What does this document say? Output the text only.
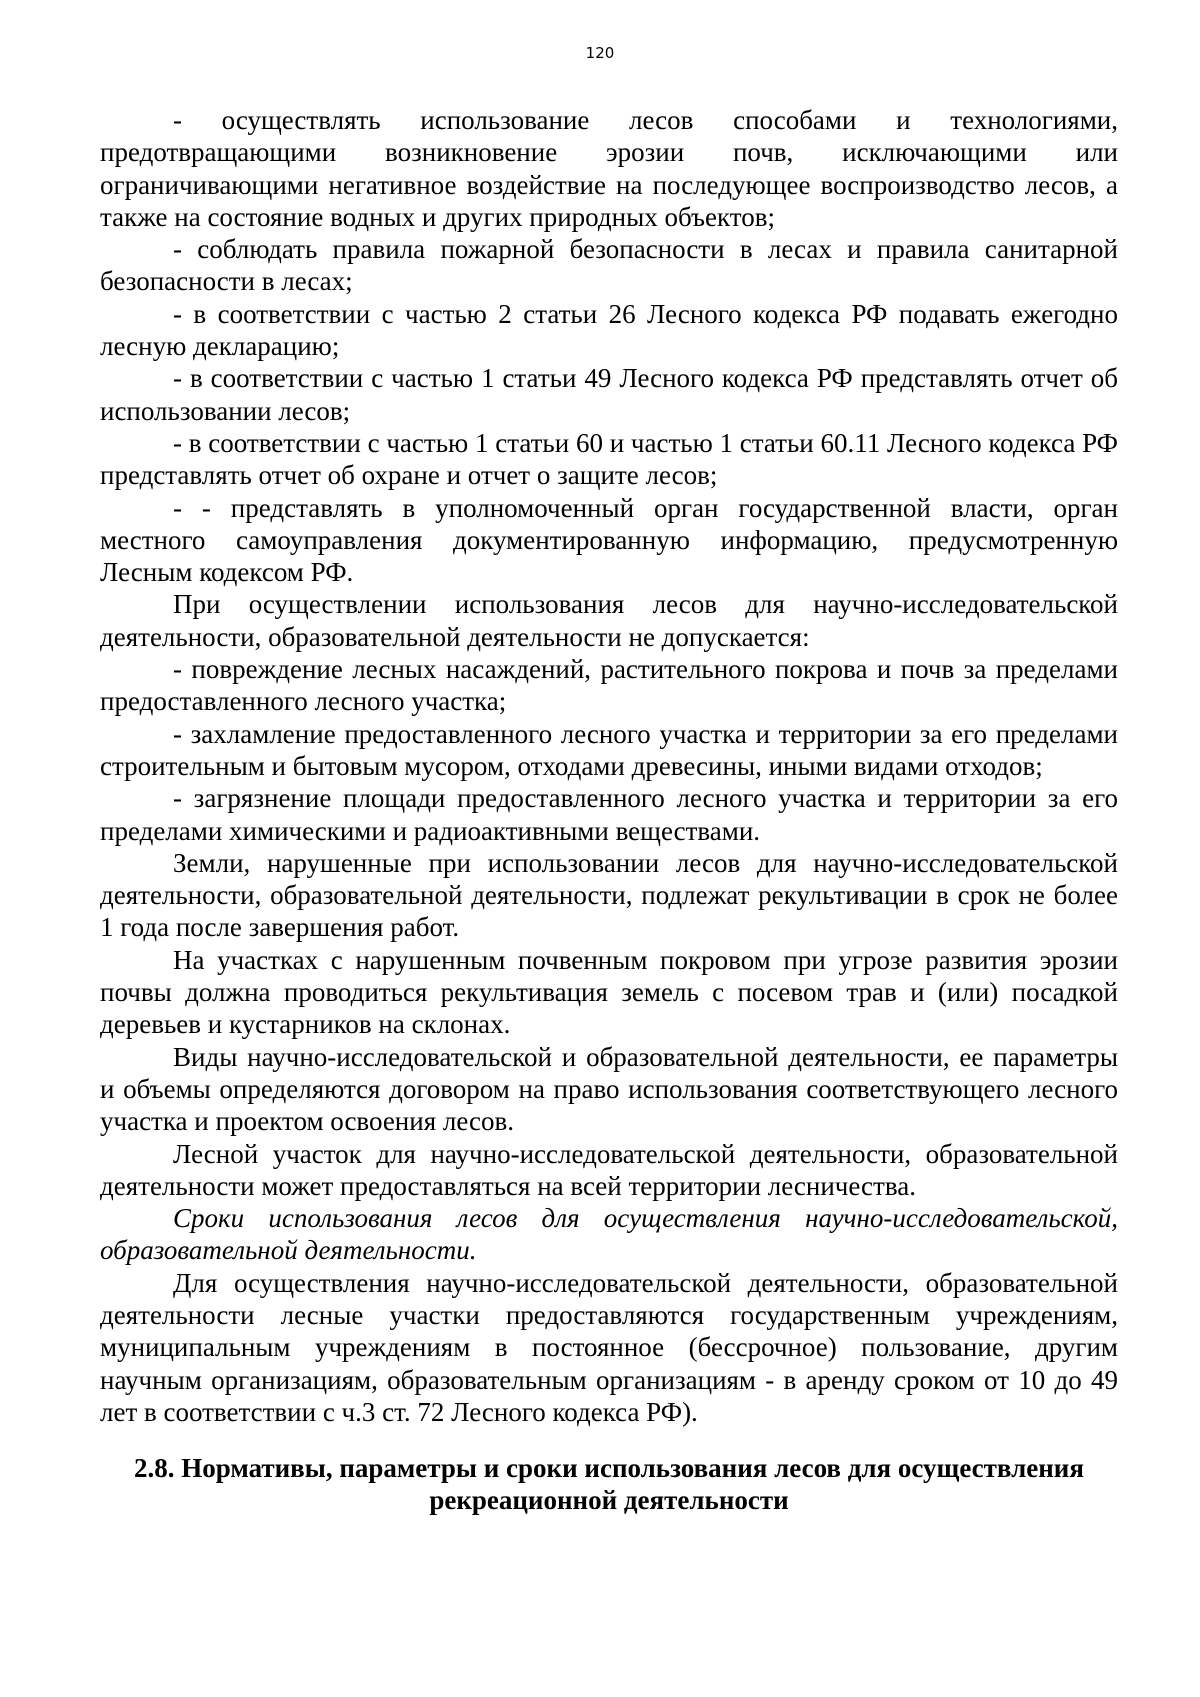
120

- осуществлять использование лесов способами и технологиями, предотвращающими возникновение эрозии почв, исключающими или ограничивающими негативное воздействие на последующее воспроизводство лесов, а также на состояние водных и других природных объектов;

- соблюдать правила пожарной безопасности в лесах и правила санитарной безопасности в лесах;

- в соответствии с частью 2 статьи 26 Лесного кодекса РФ подавать ежегодно лесную декларацию;

- в соответствии с частью 1 статьи 49 Лесного кодекса РФ представлять отчет об использовании лесов;

- в соответствии с частью 1 статьи 60 и частью 1 статьи 60.11 Лесного кодекса РФ представлять отчет об охране и отчет о защите лесов;

- - представлять в уполномоченный орган государственной власти, орган местного самоуправления документированную информацию, предусмотренную Лесным кодексом РФ.

При осуществлении использования лесов для научно-исследовательской деятельности, образовательной деятельности не допускается:

- повреждение лесных насаждений, растительного покрова и почв за пределами предоставленного лесного участка;

- захламление предоставленного лесного участка и территории за его пределами строительным и бытовым мусором, отходами древесины, иными видами отходов;

- загрязнение площади предоставленного лесного участка и территории за его пределами химическими и радиоактивными веществами.

Земли, нарушенные при использовании лесов для научно-исследовательской деятельности, образовательной деятельности, подлежат рекультивации в срок не более 1 года после завершения работ.

На участках с нарушенным почвенным покровом при угрозе развития эрозии почвы должна проводиться рекультивация земель с посевом трав и (или) посадкой деревьев и кустарников на склонах.

Виды научно-исследовательской и образовательной деятельности, ее параметры и объемы определяются договором на право использования соответствующего лесного участка и проектом освоения лесов.

Лесной участок для научно-исследовательской деятельности, образовательной деятельности может предоставляться на всей территории лесничества.

Сроки использования лесов для осуществления научно-исследовательской, образовательной деятельности.

Для осуществления научно-исследовательской деятельности, образовательной деятельности лесные участки предоставляются государственным учреждениям, муниципальным учреждениям в постоянное (бессрочное) пользование, другим научным организациям, образовательным организациям - в аренду сроком от 10 до 49 лет в соответствии с ч.3 ст. 72 Лесного кодекса РФ).

2.8. Нормативы, параметры и сроки использования лесов для осуществления рекреационной деятельности
